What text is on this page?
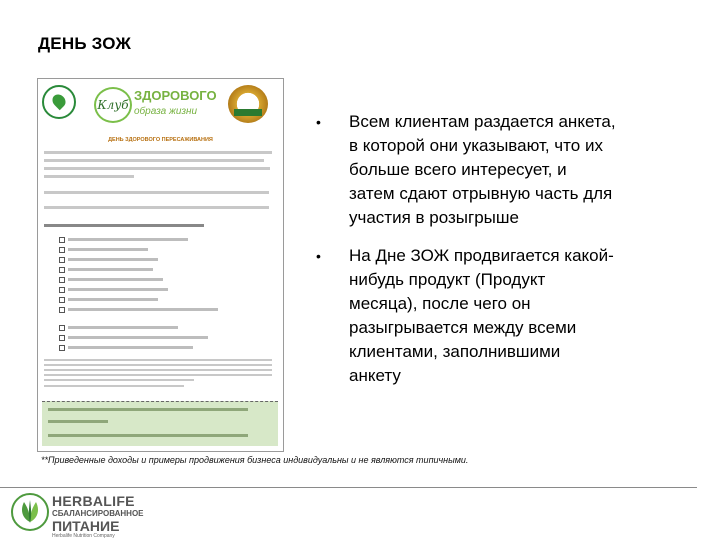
ДЕНЬ ЗОЖ
Клуб
ЗДОРОВОГО
образа жизни
ДЕНЬ ЗДОРОВОГО ПЕРЕСАЖИВАНИЯ
• Всем клиентам раздается анкета, в которой они указывают, что их больше всего интересует, и затем сдают отрывную часть для участия в розыгрыше
• На Дне ЗОЖ продвигается какой-нибудь продукт (Продукт месяца), после чего он разыгрывается между всеми клиентами, заполнившими анкету
**Приведенные доходы и примеры продвижения бизнеса индивидуальны и не являются типичными.
HERBALIFE
СБАЛАНСИРОВАННОЕ
ПИТАНИЕ
Herbalife Nutrition Company
